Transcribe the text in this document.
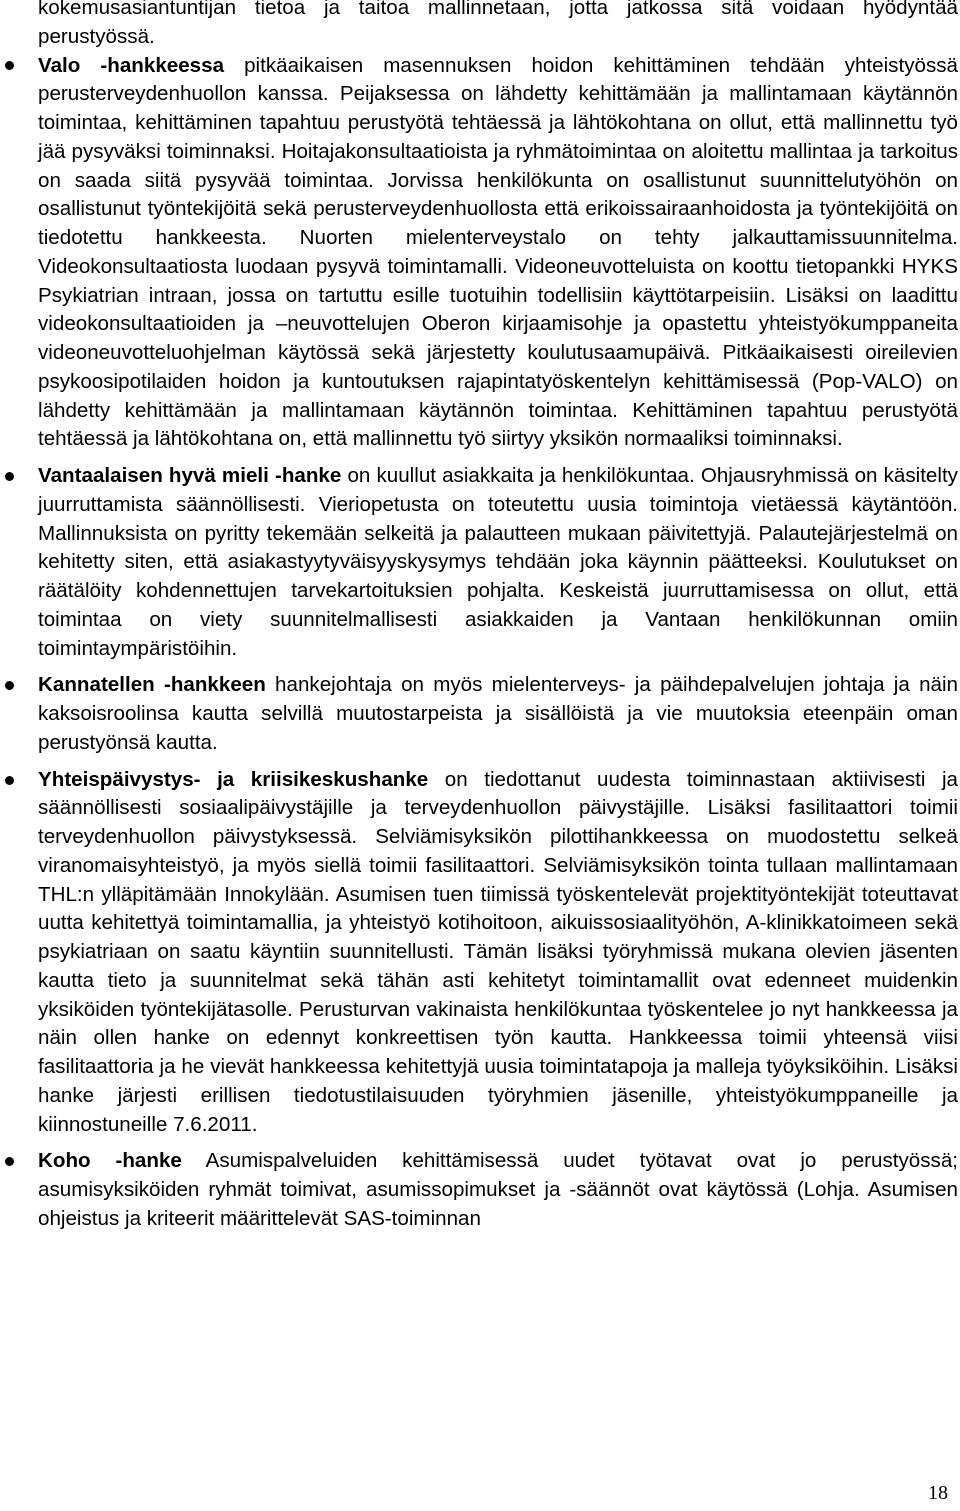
kokemusasiantuntijan tietoa ja taitoa mallinnetaan, jotta jatkossa sitä voidaan hyödyntää perustyössä.

Valo -hankkeessa pitkäaikaisen masennuksen hoidon kehittäminen tehdään yhteistyössä perusterveydenhuollon kanssa. Peijaksessa on lähdetty kehittämään ja mallintamaan käytännön toimintaa, kehittäminen tapahtuu perustyötä tehtäessä ja lähtökohtana on ollut, että mallinnettu työ jää pysyväksi toiminnaksi. Hoitajakonsultaatioista ja ryhmätoimintaa on aloitettu mallintaa ja tarkoitus on saada siitä pysyvää toimintaa. Jorvissa henkilökunta on osallistunut suunnittelutyöhön on osallistunut työntekijöitä sekä perusterveydenhuollosta että erikoissairaanhoidosta ja työntekijöitä on tiedotettu hankkeesta. Nuorten mielenterveystalo on tehty jalkauttamissuunnitelma. Videokonsultaatiosta luodaan pysyvä toimintamalli. Videoneuvotteluista on koottu tietopankki HYKS Psykiatrian intraan, jossa on tartuttu esille tuotuihin todellisiin käyttötarpeisiin. Lisäksi on laadittu videokonsultaatioiden ja –neuvottelujen Oberon kirjaamisohje ja opastettu yhteistyökumppaneita videoneuvotteluohjelman käytössä sekä järjestetty koulutusaamupäivä. Pitkäaikaisesti oireilevien psykoosipotilaiden hoidon ja kuntoutuksen rajapintatyöskentelyn kehittämisessä (Pop-VALO) on lähdetty kehittämään ja mallintamaan käytännön toimintaa. Kehittäminen tapahtuu perustyötä tehtäessä ja lähtökohtana on, että mallinnettu työ siirtyy yksikön normaaliksi toiminnaksi.

Vantaalaisen hyvä mieli -hanke on kuullut asiakkaita ja henkilökuntaa. Ohjausryhmissä on käsitelty juurruttamista säännöllisesti. Vieriopetusta on toteutettu uusia toimintoja vietäessä käytäntöön. Mallinnuksista on pyritty tekemään selkeitä ja palautteen mukaan päivitettyjä. Palautejärjestelmä on kehitetty siten, että asiakastyytyväisyyskysymys tehdään joka käynnin päätteeksi. Koulutukset on räätälöity kohdennettujen tarvekartoituksien pohjalta. Keskeistä juurruttamisessa on ollut, että toimintaa on viety suunnitelmallisesti asiakkaiden ja Vantaan henkilökunnan omiin toimintaympäristöihin.

Kannatellen -hankkeen hankejohtaja on myös mielenterveys- ja päihdepalvelujen johtaja ja näin kaksoisroolinsa kautta selvillä muutostarpeista ja sisällöistä ja vie muutoksia eteenpäin oman perustyönsä kautta.

Yhteispäivystys- ja kriisikeskushanke on tiedottanut uudesta toiminnastaan aktiivisesti ja säännöllisesti sosiaalipäivystäjille ja terveydenhuollon päivystäjille. Lisäksi fasilitaattori toimii terveydenhuollon päivystyksessä. Selviämisyksikön pilottihankkeessa on muodostettu selkeä viranomaisyhteistyö, ja myös siellä toimii fasilitaattori. Selviämisyksikön tointa tullaan mallintamaan THL:n ylläpitämään Innokylään. Asumisen tuen tiimissä työskentelevät projektityöntekijät toteuttavat uutta kehitettyä toimintamallia, ja yhteistyö kotihoitoon, aikuissosiaalityöhön, A-klinikkatoimeen sekä psykiatriaan on saatu käyntiin suunnitellusti. Tämän lisäksi työryhmissä mukana olevien jäsenten kautta tieto ja suunnitelmat sekä tähän asti kehitetyt toimintamallit ovat edenneet muidenkin yksiköiden työntekijätasolle. Perusturvan vakinaista henkilökuntaa työskentelee jo nyt hankkeessa ja näin ollen hanke on edennyt konkreettisen työn kautta. Hankkeessa toimii yhteensä viisi fasilitaattoria ja he vievät hankkeessa kehitettyjä uusia toimintatapoja ja malleja työyksiköihin. Lisäksi hanke järjesti erillisen tiedotustilaisuuden työryhmien jäsenille, yhteistyökumppaneille ja kiinnostuneille 7.6.2011.

Koho -hanke Asumispalveluiden kehittämisessä uudet työtavat ovat jo perustyössä; asumisyksiköiden ryhmät toimivat, asumissopimukset ja -säännöt ovat käytössä (Lohja. Asumisen ohjeistus ja kriteerit määrittelevät SAS-toiminnan

18
